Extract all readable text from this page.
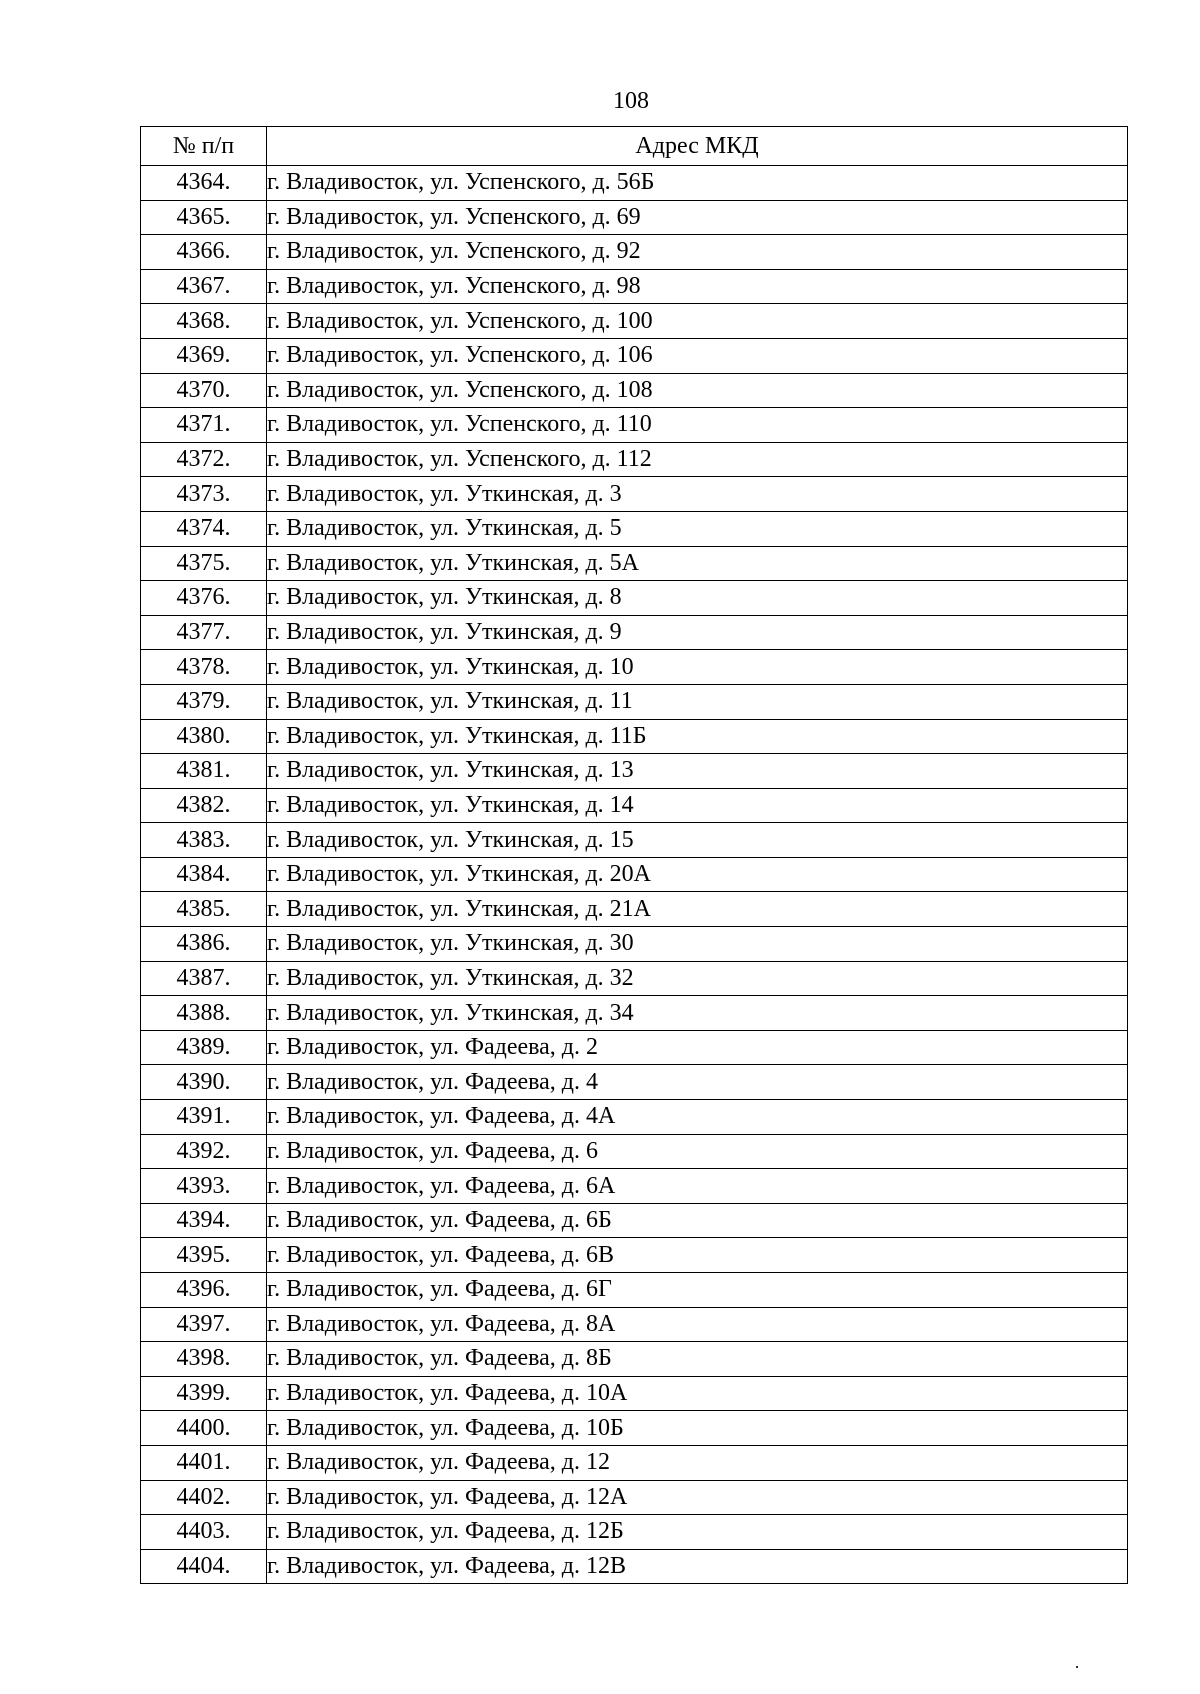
108
№ п/п	Адрес МКД
4364.	г. Владивосток, ул. Успенского, д. 56Б
4365.	г. Владивосток, ул. Успенского, д. 69
4366.	г. Владивосток, ул. Успенского, д. 92
4367.	г. Владивосток, ул. Успенского, д. 98
4368.	г. Владивосток, ул. Успенского, д. 100
4369.	г. Владивосток, ул. Успенского, д. 106
4370.	г. Владивосток, ул. Успенского, д. 108
4371.	г. Владивосток, ул. Успенского, д. 110
4372.	г. Владивосток, ул. Успенского, д. 112
4373.	г. Владивосток, ул. Уткинская, д. 3
4374.	г. Владивосток, ул. Уткинская, д. 5
4375.	г. Владивосток, ул. Уткинская, д. 5А
4376.	г. Владивосток, ул. Уткинская, д. 8
4377.	г. Владивосток, ул. Уткинская, д. 9
4378.	г. Владивосток, ул. Уткинская, д. 10
4379.	г. Владивосток, ул. Уткинская, д. 11
4380.	г. Владивосток, ул. Уткинская, д. 11Б
4381.	г. Владивосток, ул. Уткинская, д. 13
4382.	г. Владивосток, ул. Уткинская, д. 14
4383.	г. Владивосток, ул. Уткинская, д. 15
4384.	г. Владивосток, ул. Уткинская, д. 20А
4385.	г. Владивосток, ул. Уткинская, д. 21А
4386.	г. Владивосток, ул. Уткинская, д. 30
4387.	г. Владивосток, ул. Уткинская, д. 32
4388.	г. Владивосток, ул. Уткинская, д. 34
4389.	г. Владивосток, ул. Фадеева, д. 2
4390.	г. Владивосток, ул. Фадеева, д. 4
4391.	г. Владивосток, ул. Фадеева, д. 4А
4392.	г. Владивосток, ул. Фадеева, д. 6
4393.	г. Владивосток, ул. Фадеева, д. 6А
4394.	г. Владивосток, ул. Фадеева, д. 6Б
4395.	г. Владивосток, ул. Фадеева, д. 6В
4396.	г. Владивосток, ул. Фадеева, д. 6Г
4397.	г. Владивосток, ул. Фадеева, д. 8А
4398.	г. Владивосток, ул. Фадеева, д. 8Б
4399.	г. Владивосток, ул. Фадеева, д. 10А
4400.	г. Владивосток, ул. Фадеева, д. 10Б
4401.	г. Владивосток, ул. Фадеева, д. 12
4402.	г. Владивосток, ул. Фадеева, д. 12А
4403.	г. Владивосток, ул. Фадеева, д. 12Б
4404.	г. Владивосток, ул. Фадеева, д. 12В
